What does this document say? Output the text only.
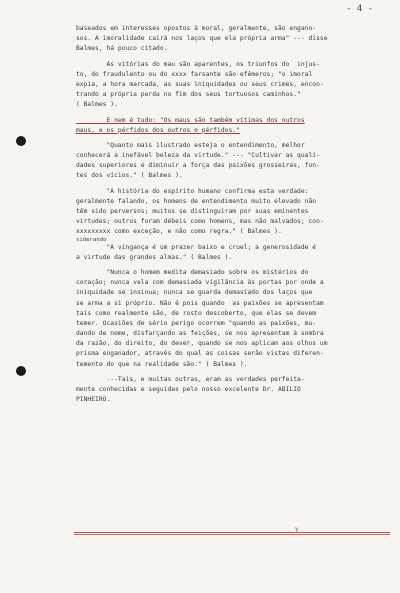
- 4 -
baseados em interesses opostos à moral, geralmente, são engano-
sos. A imoralidade cairá nos laços que ela própria arma" --- disse
Balmes, há pouco citado.
As vitórias do mau são aparentes, os triunfos do  injus-
to, do fraudulento ou do xxxx farsante são efêmeros; "o imoral
expia, a hora marcada, as suas iniquidades ou seus crimes, encon-
trando a própria perda no fim dos seus tortuosos caminhos."
( Balmes ).
E nem é tudo: "Os maus são também vítimas dos outros
maus, e os pérfidos dos outros ⊘ pérfidos."
"Quanto mais ilustrado esteja o entendimento, melhor
conhecerá a inefável beleza da virtude." --- "Cultivar as quali-
dades superiores é diminuir a força das paixões grosseiras, fon-
tes dos vícios." ( Balmes ).
"A história do espírito humano confirma esta verdade:
geralmente falando, os homens de entendimento muito elevado não
têm sido perversos; muitos se distinguiram por suas eminentes
virtudes; outros foram débeis como homens, mas não malvados; con-
xxxxxxxxx como exceção, e não como regra." ( Balmes ).
"A vingança é um prazer baixo e cruel; a generosidade é
siderando
a virtude das grandes almas." ( Balmes ).
"Nunca o homem medita demasiado sobre os mistérios do
coração; nunca vela com demasiada vigilância às portas por onde a
iniquidade se insinua; nunca se guarda demasiado dos laços que
se arma a si próprio. Não é pois quando  as paixões se apresentam
tais como realmente são, de rosto descoberto, que elas se devem
temer. Ocasiões de sério perigo ocorrem "quando as paixões, mu-
dando de nome, disfarçando as feições, se nos apresentam à sombra
da razão, do direito, do dever, quando se nos aplicam aos olhos um
prisma enganador, através do qual as coisas serão vistas diferen-
temente do que na realidade são." ( Balmes ).
---Tais, e muitas outras, eram as verdades perfeita-
mente conhecidas e seguidas pelo nosso excelente Dr. ABILIO
PINHEIRO.
Y
